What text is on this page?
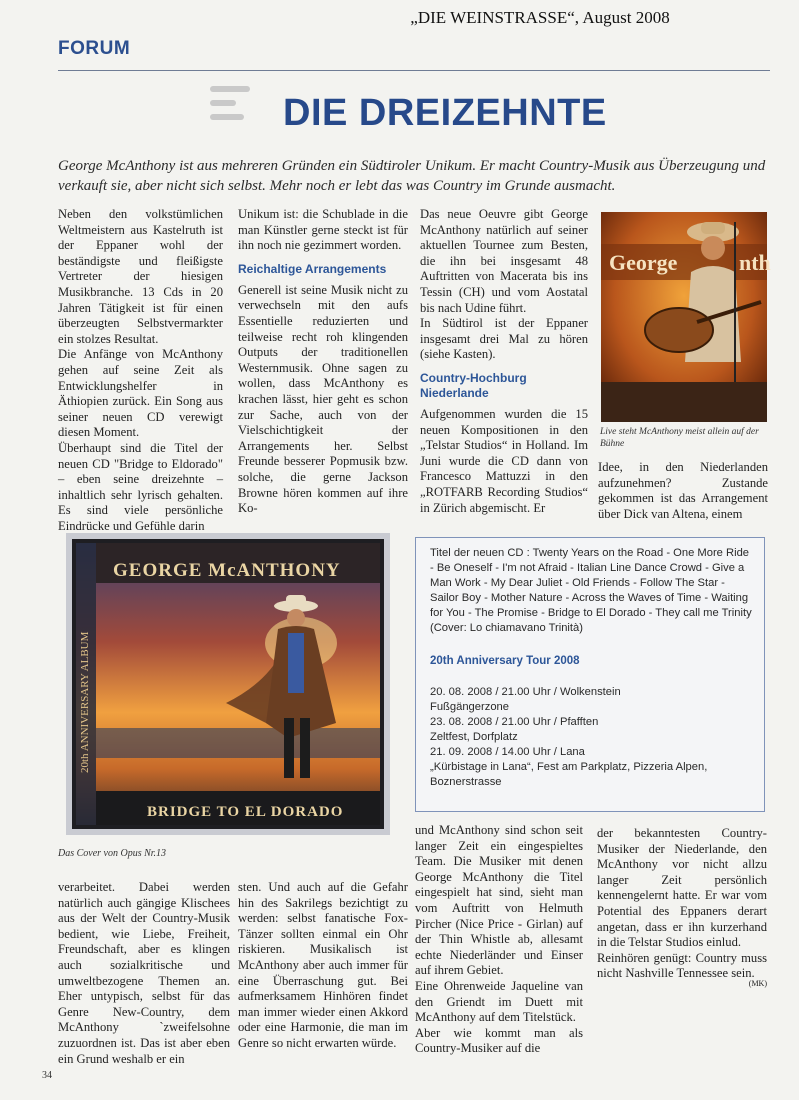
„DIE WEINSTRASSE“, August 2008
FORUM
DIE DREIZEHNTE
George McAnthony ist aus mehreren Gründen ein Südtiroler Unikum. Er macht Country-Musik aus Überzeugung und verkauft sie, aber nicht sich selbst. Mehr noch er lebt das was Country im Grunde ausmacht.

Neben den volkstümlichen Weltmeistern aus Kastelruth ist der Eppaner wohl der beständigste und fleißigste Vertreter der hiesigen Musikbranche. 13 Cds in 20 Jahren Tätigkeit ist für einen überzeugten Selbstvermarkter ein stolzes Resultat.

Die Anfänge von McAnthony gehen auf seine Zeit als Entwicklungshelfer in Äthiopien zurück. Ein Song aus seiner neuen CD verewigt diesen Moment.

Überhaupt sind die Titel der neuen CD "Bridge to Eldorado" – eben seine dreizehnte – inhaltlich sehr lyrisch gehalten. Es sind viele persönliche Eindrücke und Gefühle darin

Unikum ist: die Schublade in die man Künstler gerne steckt ist für ihn noch nie gezimmert worden.

Reichaltige Arrangements

Generell ist seine Musik nicht zu verwechseln mit den aufs Essentielle reduzierten und teilweise recht roh klingenden Outputs der traditionellen Westernmusik. Ohne sagen zu wollen, dass McAnthony es krachen lässt, hier geht es schon zur Sache, auch von der Vielschichtigkeit der Arrangements her. Selbst Freunde besserer Popmusik bzw. solche, die gerne Jackson Browne hören kommen auf ihre Ko-

Das neue Oeuvre gibt George McAnthony natürlich auf seiner aktuellen Tournee zum Besten, die ihn bei insgesamt 48 Auftritten von Macerata bis ins Tessin (CH) und vom Aostatal bis nach Udine führt.

In Südtirol ist der Eppaner insgesamt drei Mal zu hören (siehe Kasten).

Country-Hochburg Niederlande

Aufgenommen wurden die 15 neuen Kompositionen in den „Telstar Studios“ in Holland. Im Juni wurde die CD dann von Francesco Mattuzzi in den „ROTFARB Recording Studios“ in Zürich abgemischt. Er

George	nth
Live steht McAnthony meist allein auf der Bühne
Idee, in den Niederlanden aufzunehmen? Zustande gekommen ist das Arrangement über Dick van Altena, einem
20th ANNIVERSARY ALBUM
GEORGE McANTHONY
BRIDGE TO EL DORADO
Das Cover von Opus Nr.13
Titel der neuen CD : Twenty Years on the Road - One More Ride - Be Oneself - I'm not Afraid - Italian Line Dance Crowd - Give a Man Work - My Dear Juliet - Old Friends - Follow The Star - Sailor Boy - Mother Nature - Across the Waves of Time - Waiting for You - The Promise - Bridge to El Dorado - They call me Trinity (Cover: Lo chiamavano Trinità)
20th Anniversary Tour 2008
20. 08. 2008 / 21.00 Uhr / Wolkenstein
Fußgängerzone
23. 08. 2008 / 21.00 Uhr / Pfafften
Zeltfest, Dorfplatz
21. 09. 2008 / 14.00 Uhr / Lana
„Kürbistage in Lana“, Fest am Parkplatz, Pizzeria Alpen, Boznerstrasse
verarbeitet. Dabei werden natürlich auch gängige Klischees aus der Welt der Country-Musik bedient, wie Liebe, Freiheit, Freundschaft, aber es klingen auch sozialkritische und umweltbezogene Themen an. Eher untypisch, selbst für das Genre New-Country, dem McAnthony `zweifelsohne zuzuordnen ist. Das ist aber eben ein Grund weshalb er ein
sten. Und auch auf die Gefahr hin des Sakrilegs bezichtigt zu werden: selbst fanatische Fox-Tänzer sollten einmal ein Ohr riskieren. Musikalisch ist McAnthony aber auch immer für eine Überraschung gut. Bei aufmerksamem Hinhören findet man immer wieder einen Akkord oder eine Harmonie, die man im Genre so nicht erwarten würde.

und McAnthony sind schon seit langer Zeit ein eingespieltes Team. Die Musiker mit denen George McAnthony die Titel eingespielt hat sind, sieht man vom Auftritt von Helmuth Pircher (Nice Price - Girlan) auf der Thin Whistle ab, allesamt echte Niederländer und Einser auf ihrem Gebiet.

Eine Ohrenweide Jaqueline van den Griendt im Duett mit McAnthony auf dem Titelstück.

Aber wie kommt man als Country-Musiker auf die

der bekanntesten Country-Musiker der Niederlande, den McAnthony vor nicht allzu langer Zeit persönlich kennengelernt hatte. Er war vom Potential des Eppaners derart angetan, dass er ihn kurzerhand in die Telstar Studios einlud.

Reinhören genügt: Country muss nicht Nashville Tennessee sein.

(MK)
34
